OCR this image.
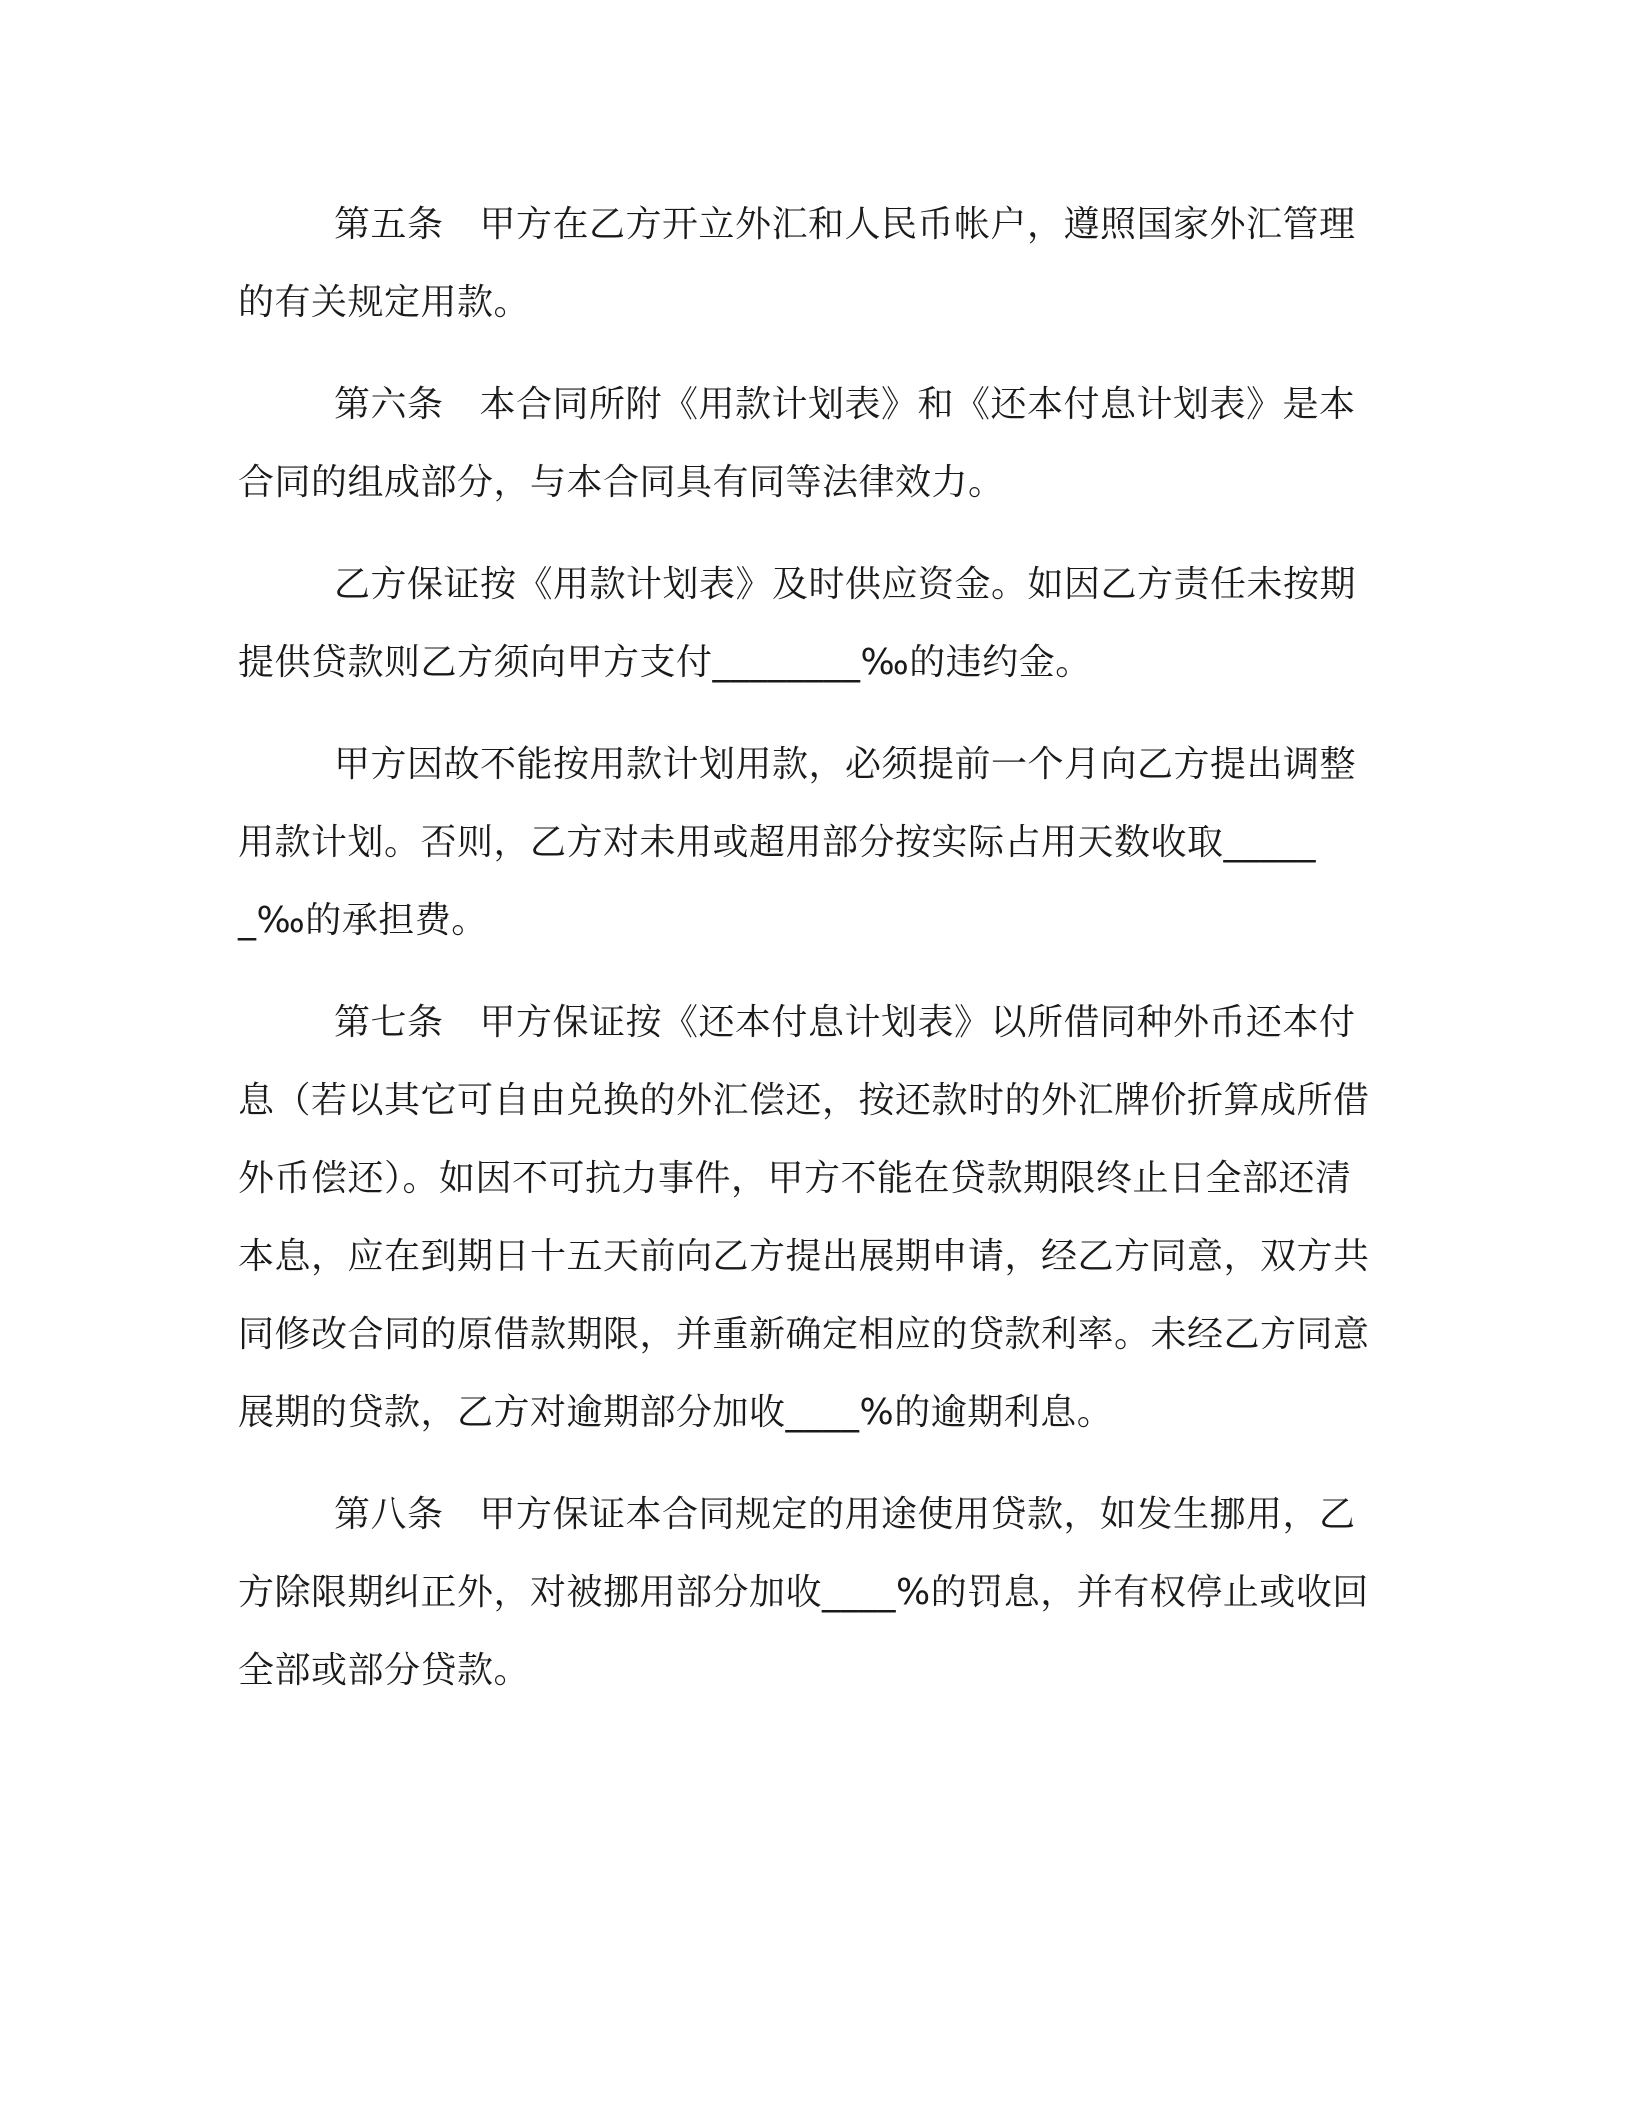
第五条 甲方在乙方开立外汇和人民币帐户，遵照国家外汇管理的有关规定用款。

第六条 本合同所附《用款计划表》和《还本付息计划表》是本合同的组成部分，与本合同具有同等法律效力。

乙方保证按《用款计划表》及时供应资金。如因乙方责任未按期提供贷款则乙方须向甲方支付________‰的违约金。

甲方因故不能按用款计划用款，必须提前一个月向乙方提出调整用款计划。否则，乙方对未用或超用部分按实际占用天数收取______‰的承担费。

第七条 甲方保证按《还本付息计划表》以所借同种外币还本付息（若以其它可自由兑换的外汇偿还，按还款时的外汇牌价折算成所借外币偿还）。如因不可抗力事件，甲方不能在贷款期限终止日全部还清本息，应在到期日十五天前向乙方提出展期申请，经乙方同意，双方共同修改合同的原借款期限，并重新确定相应的贷款利率。未经乙方同意展期的贷款，乙方对逾期部分加收____%的逾期利息。

第八条 甲方保证本合同规定的用途使用贷款，如发生挪用，乙方除限期纠正外，对被挪用部分加收____%的罚息，并有权停止或收回全部或部分贷款。
